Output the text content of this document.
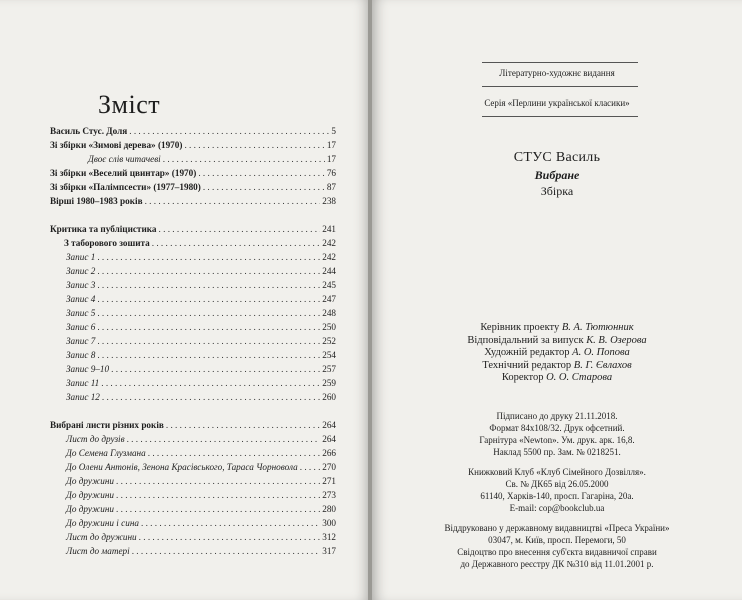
Зміст
Василь Стус. Доля . . .	5
Зі збірки «Зимові дерева» (1970) . . .	17
Двоє слів читачеві . . .	17
Зі збірки «Веселий цвинтар» (1970) . . .	76
Зі збірки «Палімпсести» (1977–1980) . . .	87
Вірші 1980–1983 років . . .	238
Критика та публіцистика . . .	241
З таборового зошита . . .	242
Запис 1 . . .	242
Запис 2 . . .	244
Запис 3 . . .	245
Запис 4 . . .	247
Запис 5 . . .	248
Запис 6 . . .	250
Запис 7 . . .	252
Запис 8 . . .	254
Запис 9–10 . . .	257
Запис 11 . . .	259
Запис 12 . . .	260
Вибрані листи різних років . . .	264
Лист до друзів . . .	264
До Семена Глузмана . . .	266
До Олени Антонів, Зенона Красівського, Тараса Чорновола . . .	270
До дружини . . .	271
До дружини . . .	273
До дружини . . .	280
До дружини і сина . . .	300
Лист до дружини . . .	312
Лист до матері . . .	317
Літературно-художнє видання
Серія «Перлини української класики»
СТУС Василь
Вибране
Збірка
Керівник проекту В. А. Тютюнник
Відповідальний за випуск К. В. Озерова
Художній редактор А. О. Попова
Технічний редактор В. Г. Євлахов
Коректор О. О. Старова
Підписано до друку 21.11.2018.
Формат 84х108/32. Друк офсетний.
Гарнітура «Newton». Ум. друк. арк. 16,8.
Наклад 5500 пр. Зам. № 0218251.
Книжковий Клуб «Клуб Сімейного Дозвілля».
Св. № ДК65 від 26.05.2000
61140, Харків-140, просп. Гагаріна, 20а.
E-mail: cop@bookclub.ua
Віддруковано у державному видавництві «Преса України»
03047, м. Київ, просп. Перемоги, 50
Свідоцтво про внесення суб'єкта видавничої справи
до Державного реєстру ДК №310 від 11.01.2001 р.
